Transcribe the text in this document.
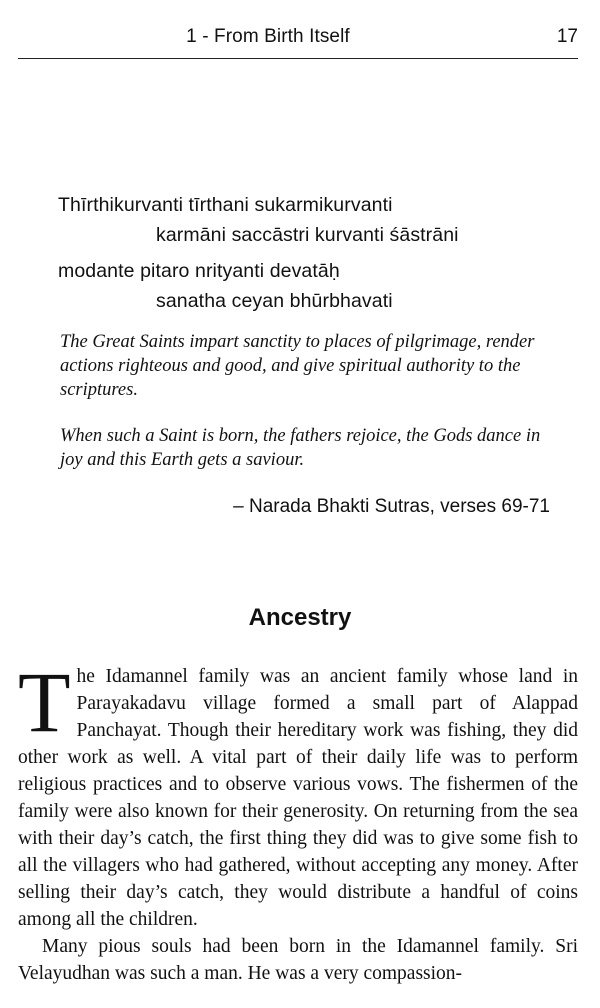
1 - From Birth Itself	17
Thīrthikurvanti tīrthani sukarmikurvanti
karmāni saccāstri kurvanti śāstrāni
modante pitaro nrityanti devatāḥ
sanatha ceyan bhūrbhavati
The Great Saints impart sanctity to places of pilgrimage, render actions righteous and good, and give spiritual authority to the scriptures.
When such a Saint is born, the fathers rejoice, the Gods dance in joy and this Earth gets a saviour.
– Narada Bhakti Sutras, verses 69-71
Ancestry

The Idamannel family was an ancient family whose land in Parayakadavu village formed a small part of Alappad Panchayat. Though their hereditary work was fishing, they did other work as well. A vital part of their daily life was to perform religious practices and to observe various vows. The fishermen of the family were also known for their generosity. On returning from the sea with their day’s catch, the first thing they did was to give some fish to all the villagers who had gathered, without accepting any money. After selling their day’s catch, they would distribute a handful of coins among all the children.

Many pious souls had been born in the Idamannel family. Sri Velayudhan was such a man. He was a very compassion-
